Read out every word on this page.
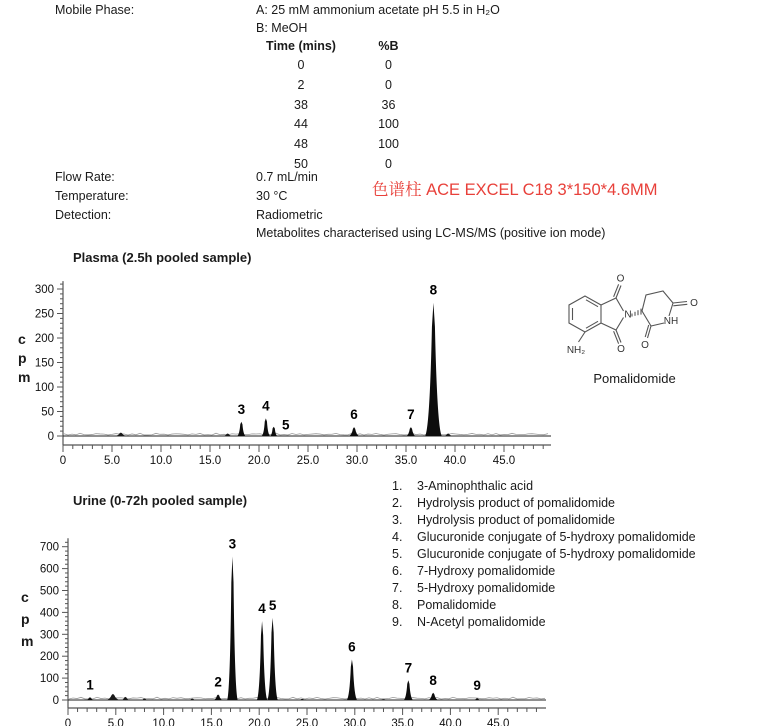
Mobile Phase:	A: 25 mM ammonium acetate pH 5.5 in H₂O
B: MeOH
Time (mins)	%B
0	0
2	0
38	36
44	100
48	100
50	0
Flow Rate:	0.7 mL/min
Temperature:	30 °C
Detection:	Radiometric
Metabolites characterised using LC-MS/MS (positive ion mode)
色谱柱 ACE EXCEL C18 3*150*4.6MM
Plasma (2.5h pooled sample)
c
p
m
0
50
100
150
200
250
300
0	5.0	10.0 15.0 20.0 25.0 30.0 35.0 40.0 45.0
3 4
5
6	7
8
O
O
N
O
O
NH
NH₂
Pomalidomide
Urine (0-72h pooled sample)
c
p
m
0
100
200
300
400
500
600
700
0	5.0 10.0 15.0 20.0 25.0 30.0 35.0 40.0 45.0
1	2
3
4 5
6
7
8	9
1.	3-Aminophthalic acid
2.	Hydrolysis product of pomalidomide
3.	Hydrolysis product of pomalidomide
4.	Glucuronide conjugate of 5-hydroxy pomalidomide
5.	Glucuronide conjugate of 5-hydroxy pomalidomide
6.	7-Hydroxy pomalidomide
7.	5-Hydroxy pomalidomide
8.	Pomalidomide
9.	N-Acetyl pomalidomide
